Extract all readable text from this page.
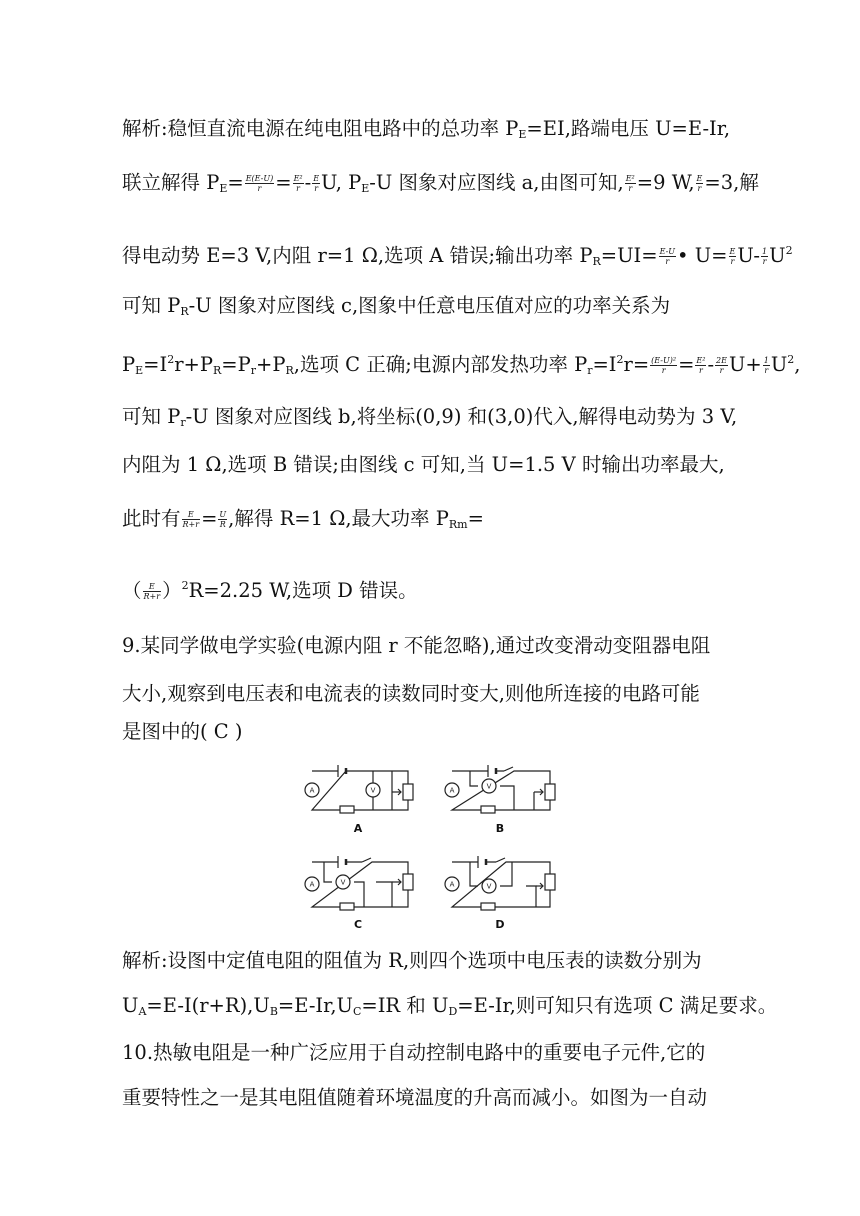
解析:稳恒直流电源在纯电阻电路中的总功率 $P_E=EI$,路端电压 U=E-Ir,
联立解得 $P_E= \frac{E(E-U)}{r} = \frac{\text{E²}}{r} - \frac{E}{r} U$, $P_E-U$ 图象对应图线 a,由图可知, $\frac{\text{E²}}{r} =9$ W, $\frac{E}{r} =3$,解
得电动势 E=3 V,内阻 r=1 Ω,选项 A 错误;输出功率 $P_R=UI= \frac{E-U}{r}$ • $U= \frac{E}{r} U- \frac{1}{r} U^2$
可知 $P_R-U$ 图象对应图线 c,图象中任意电压值对应的功率关系为
$P_E=I^2r+P_R=P_r+P_R$,选项 C 正确;电源内部发热功率 $P_r=I^2r= \frac{\text{(E-U)²}}{r} = \frac{\text{E²}}{r} - \frac{2E}{r} U+ \frac{1}{r} U^2$,
可知 $P_r-U$ 图象对应图线 b,将坐标(0,9) 和(3,0)代入,解得电动势为 3 V,
内阻为 1 Ω,选项 B 错误;由图线 c 可知,当 U=1.5 V 时输出功率最大,
此时有 $\frac{E}{R+r} = \frac{U}{R}$ ,解得 R=1 Ω,最大功率 $P_{Rm}=$
（ $\frac{E}{R+r} )^2R=2.25$ W,选项 D 错误。
9.某同学做电学实验(电源内阻 r 不能忽略),通过改变滑动变阻器电阻
大小,观察到电压表和电流表的读数同时变大,则他所连接的电路可能
是图中的( C )
A	A
A	A
V	V
V	V
A	B
C	D
解析:设图中定值电阻的阻值为 R,则四个选项中电压表的读数分别为
$U_A=E-I(r+R),U_B=E-Ir,U_C=IR$ 和 $U_D=E-Ir$,则可知只有选项 C 满足要求。
10.热敏电阻是一种广泛应用于自动控制电路中的重要电子元件,它的
重要特性之一是其电阻值随着环境温度的升高而减小。如图为一自动
